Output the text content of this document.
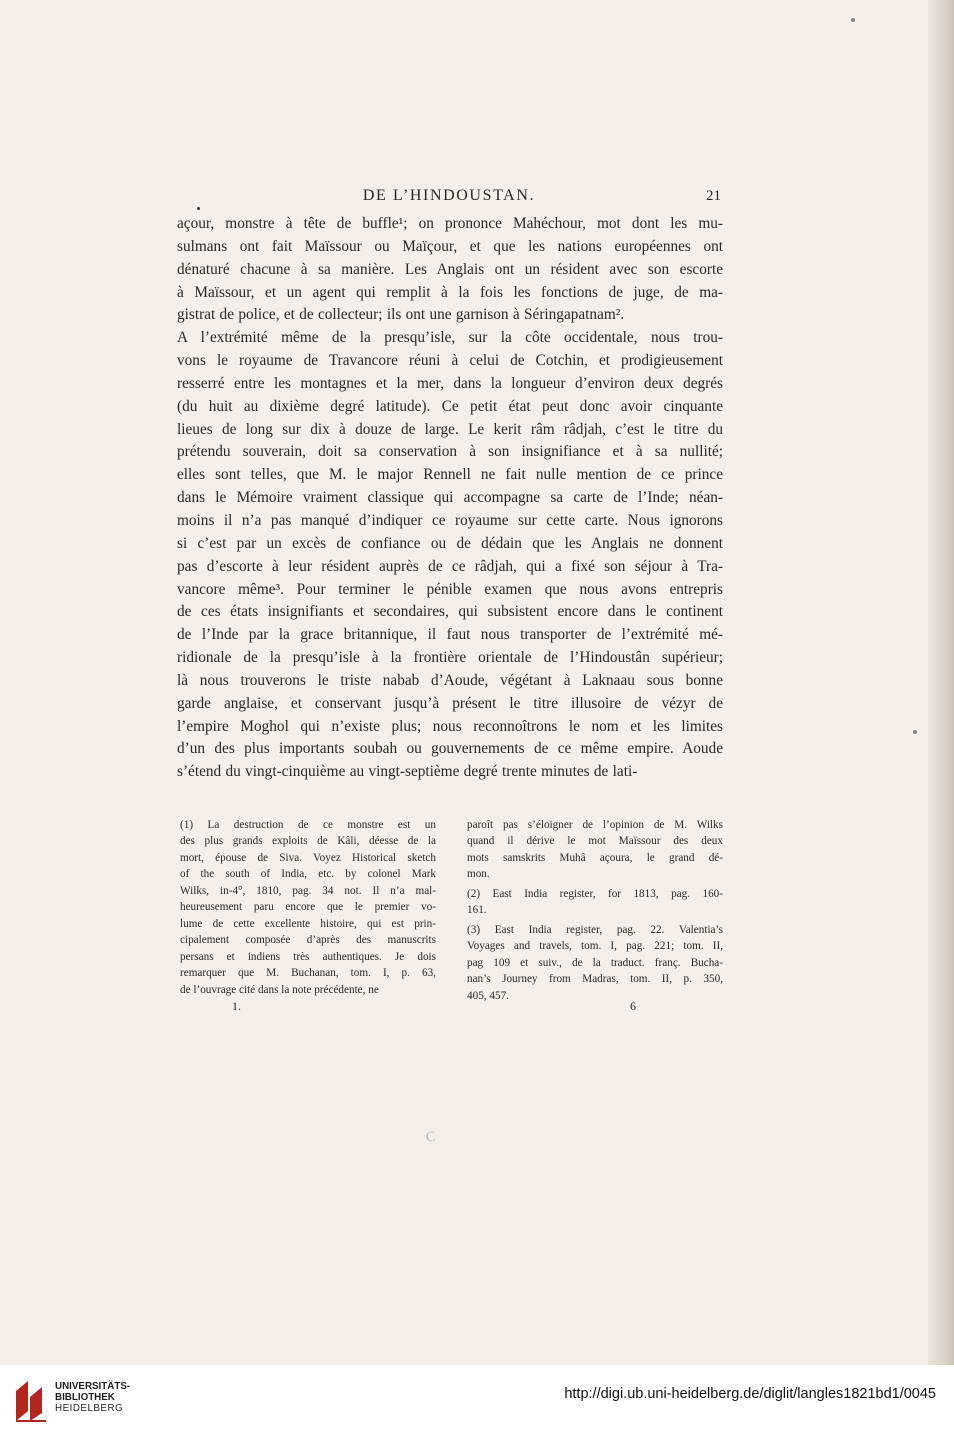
DE L’HINDOUSTAN.	21
açour, monstre à tête de buffle¹; on prononce Mahéchour, mot dont les mu-
sulmans ont fait Maïssour ou Maïçour, et que les nations européennes ont
dénaturé chacune à sa manière. Les Anglais ont un résident avec son escorte
à Maïssour, et un agent qui remplit à la fois les fonctions de juge, de ma-
gistrat de police, et de collecteur; ils ont une garnison à Séringapatnam².
A l’extrémité même de la presqu’isle, sur la côte occidentale, nous trou-
vons le royaume de Travancore réuni à celui de Cotchin, et prodigieusement
resserré entre les montagnes et la mer, dans la longueur d’environ deux degrés
(du huit au dixième degré latitude). Ce petit état peut donc avoir cinquante
lieues de long sur dix à douze de large. Le kerit râm râdjah, c’est le titre du
prétendu souverain, doit sa conservation à son insignifiance et à sa nullité;
elles sont telles, que M. le major Rennell ne fait nulle mention de ce prince
dans le Mémoire vraiment classique qui accompagne sa carte de l’Inde; néan-
moins il n’a pas manqué d’indiquer ce royaume sur cette carte. Nous ignorons
si c’est par un excès de confiance ou de dédain que les Anglais ne donnent
pas d’escorte à leur résident auprès de ce râdjah, qui a fixé son séjour à Tra-
vancore même³. Pour terminer le pénible examen que nous avons entrepris
de ces états insignifiants et secondaires, qui subsistent encore dans le continent
de l’Inde par la grace britannique, il faut nous transporter de l’extrémité mé-
ridionale de la presqu’isle à la frontière orientale de l’Hindoustân supérieur;
là nous trouverons le triste nabab d’Aoude, végétant à Laknaau sous bonne
garde anglaise, et conservant jusqu’à présent le titre illusoire de vézyr de
l’empire Moghol qui n’existe plus; nous reconnoîtrons le nom et les limites
d’un des plus importants soubah ou gouvernements de ce même empire. Aoude
s’étend du vingt-cinquième au vingt-septième degré trente minutes de lati-
(1) La destruction de ce monstre est un
des plus grands exploits de Kâli, déesse de la
mort, épouse de Siva. Voyez Historical sketch
of the south of India, etc. by colonel Mark
Wilks, in-4°, 1810, pag. 34 not. Il n’a mal-
heureusement paru encore que le premier vo-
lume de cette excellente histoire, qui est prin-
cipalement composée d’après des manuscrits
persans et indiens très authentiques. Je dois
remarquer que M. Buchanan, tom. I, p. 63,
de l’ouvrage cité dans la note précédente, ne
paroît pas s’éloigner de l’opinion de M. Wilks
quand il dérive le mot Maïssour des deux
mots samskrits Muhâ açoura, le grand dé-
mon.
(2) East India register, for 1813, pag. 160-
161.
(3) East India register, pag. 22. Valentia’s
Voyages and travels, tom. I, pag. 221; tom. II,
pag 109 et suiv., de la traduct. franç. Bucha-
nan’s Journey from Madras, tom. II, p. 350,
405, 457.
1.	6
C
UNIVERSITÄTS-
BIBLIOTHEK
HEIDELBERG
http://digi.ub.uni-heidelberg.de/diglit/langles1821bd1/0045
